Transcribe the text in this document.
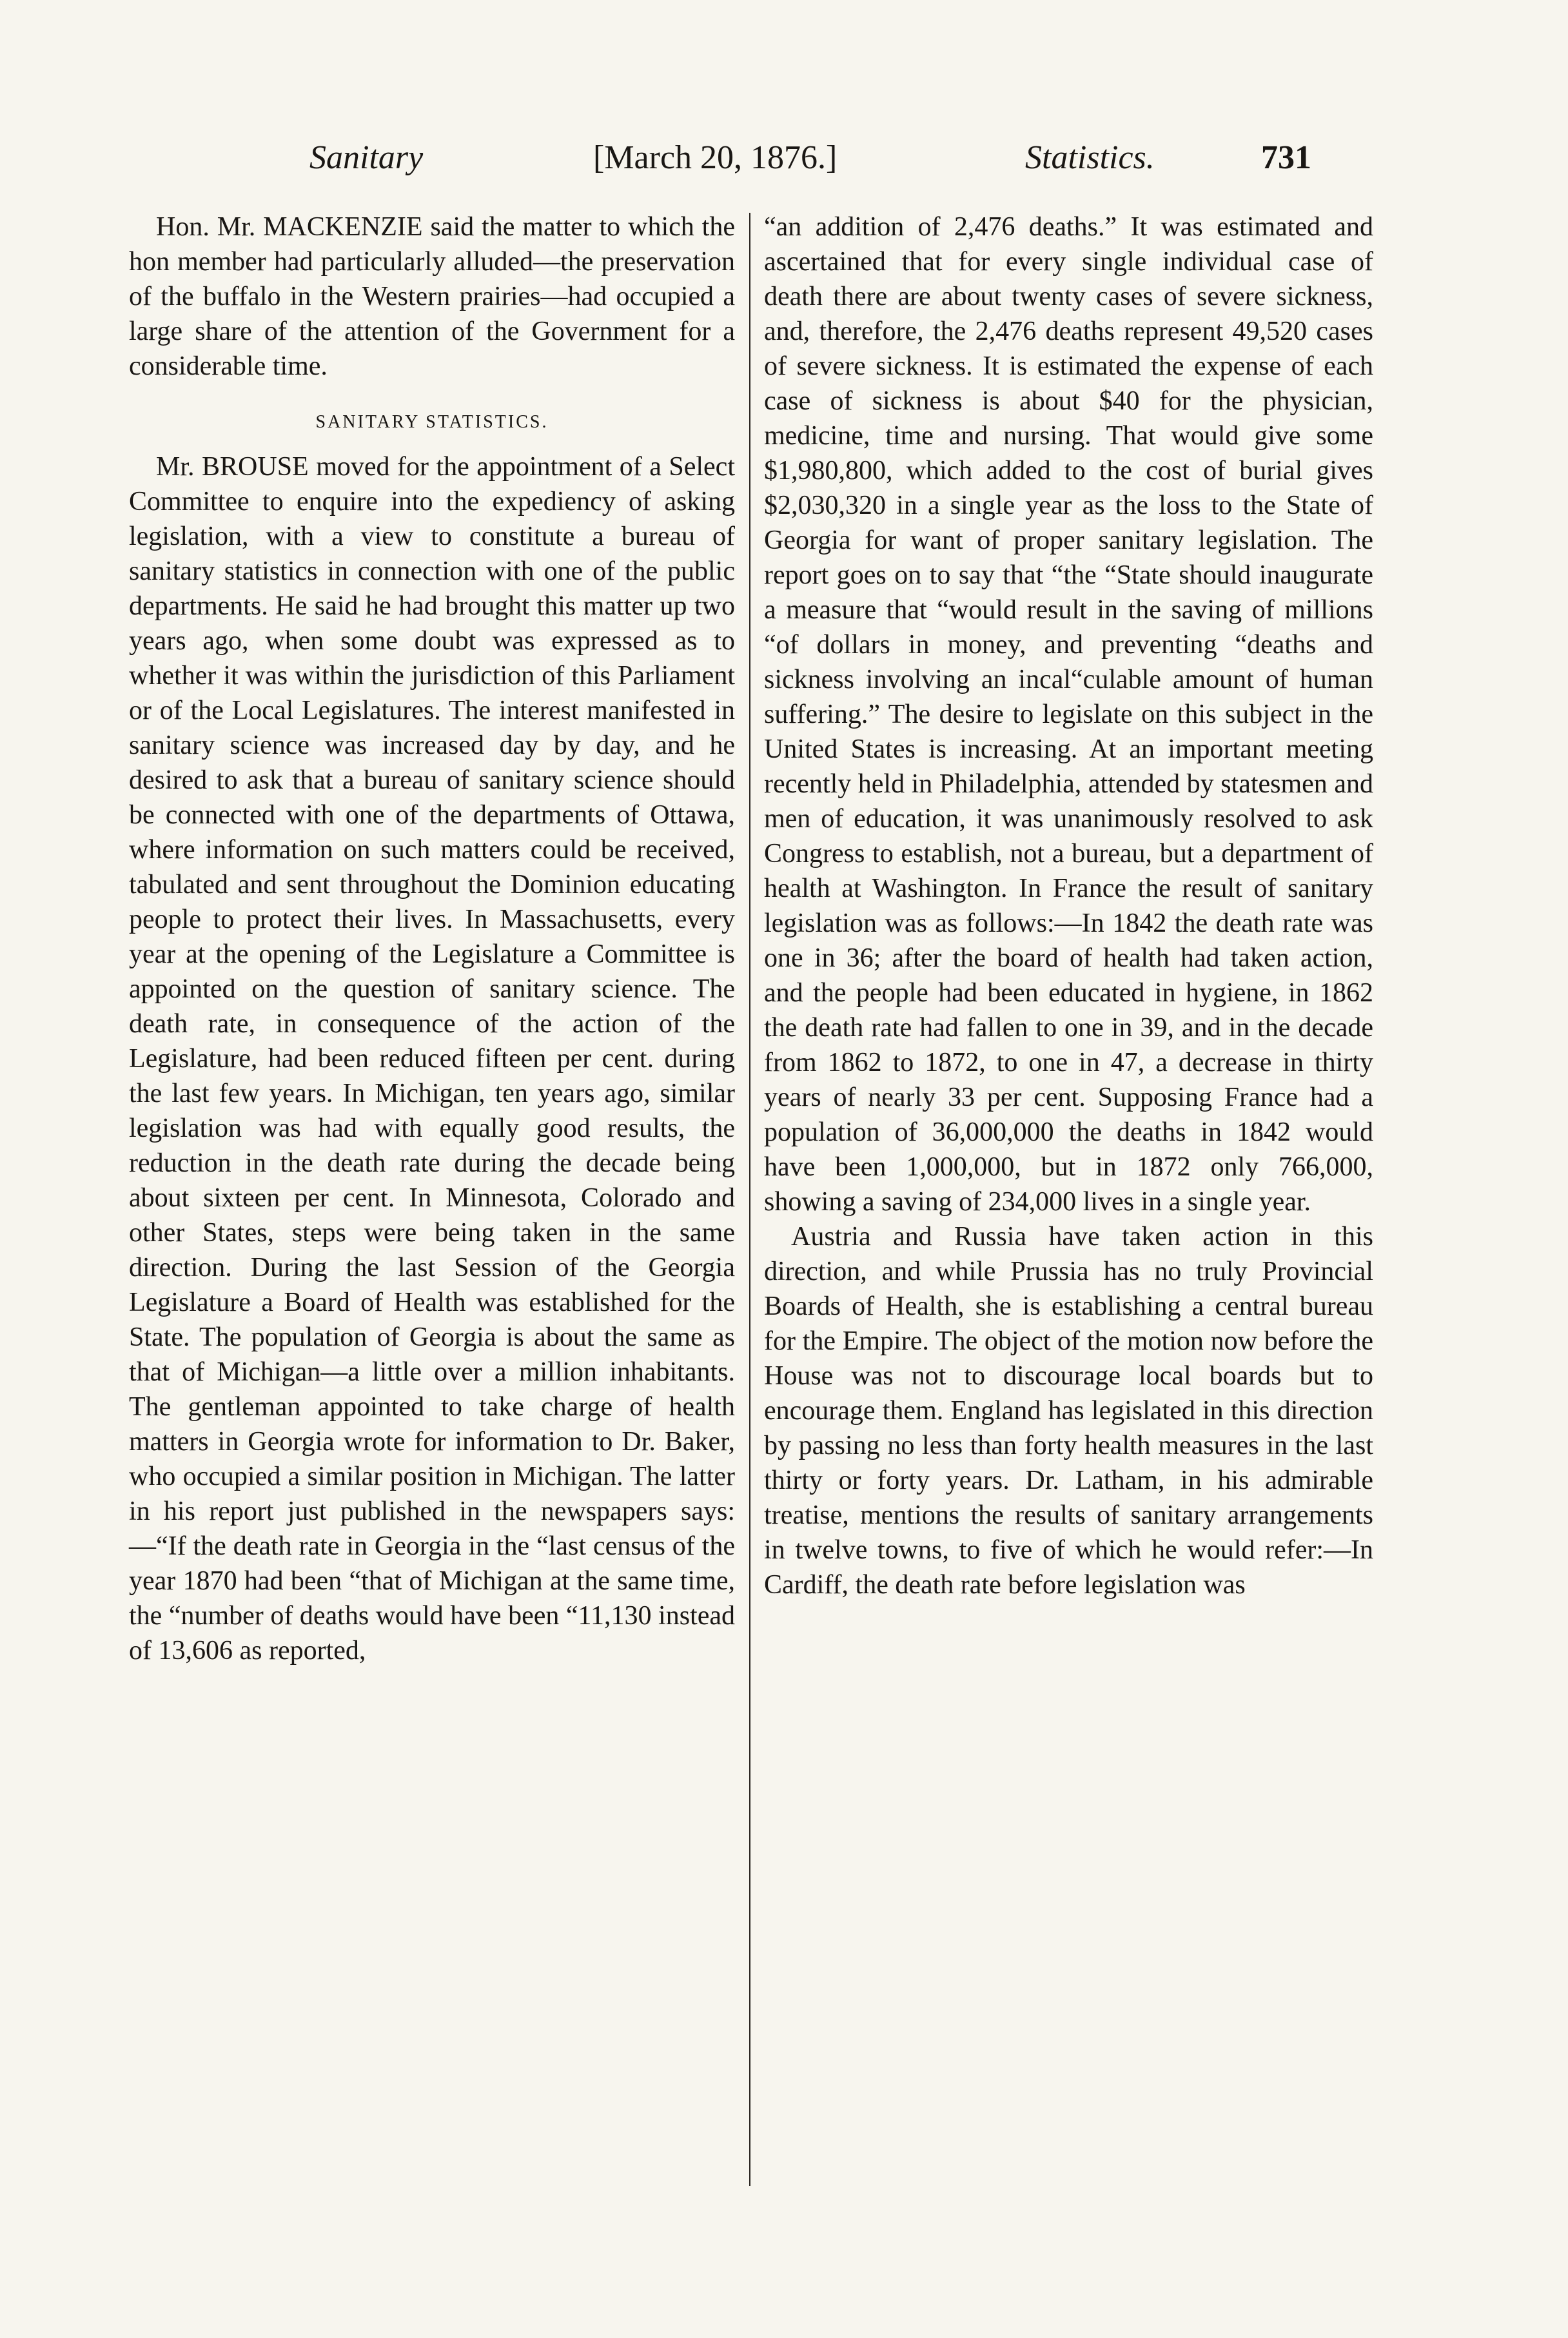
Sanitary	[March 20, 1876.]	Statistics.	731

Hon. Mr. MACKENZIE said the matter to which the hon member had particularly alluded—the preservation of the buffalo in the Western prairies—had occupied a large share of the attention of the Government for a considerable time.

SANITARY STATISTICS.

Mr. BROUSE moved for the appointment of a Select Committee to enquire into the expediency of asking legislation, with a view to constitute a bureau of sanitary statistics in connection with one of the public departments. He said he had brought this matter up two years ago, when some doubt was expressed as to whether it was within the jurisdiction of this Parliament or of the Local Legislatures. The interest manifested in sanitary science was increased day by day, and he desired to ask that a bureau of sanitary science should be connected with one of the departments of Ottawa, where information on such matters could be received, tabulated and sent throughout the Dominion educating people to protect their lives. In Massachusetts, every year at the opening of the Legislature a Committee is appointed on the question of sanitary science. The death rate, in consequence of the action of the Legislature, had been reduced fifteen per cent. during the last few years. In Michigan, ten years ago, similar legislation was had with equally good results, the reduction in the death rate during the decade being about sixteen per cent. In Minnesota, Colorado and other States, steps were being taken in the same direction. During the last Session of the Georgia Legislature a Board of Health was established for the State. The population of Georgia is about the same as that of Michigan—a little over a million inhabitants. The gentleman appointed to take charge of health matters in Georgia wrote for information to Dr. Baker, who occupied a similar position in Michigan. The latter in his report just published in the newspapers says:—“If the death rate in Georgia in the “last census of the year 1870 had been “that of Michigan at the same time, the “number of deaths would have been “11,130 instead of 13,606 as reported,

“an addition of 2,476 deaths.” It was estimated and ascertained that for every single individual case of death there are about twenty cases of severe sickness, and, therefore, the 2,476 deaths represent 49,520 cases of severe sickness. It is estimated the expense of each case of sickness is about $40 for the physician, medicine, time and nursing. That would give some $1,980,800, which added to the cost of burial gives $2,030,320 in a single year as the loss to the State of Georgia for want of proper sanitary legislation. The report goes on to say that “the “State should inaugurate a measure that “would result in the saving of millions “of dollars in money, and preventing “deaths and sickness involving an incal“culable amount of human suffering.” The desire to legislate on this subject in the United States is increasing. At an important meeting recently held in Philadelphia, attended by statesmen and men of education, it was unanimously resolved to ask Congress to establish, not a bureau, but a department of health at Washington. In France the result of sanitary legislation was as follows:—In 1842 the death rate was one in 36; after the board of health had taken action, and the people had been educated in hygiene, in 1862 the death rate had fallen to one in 39, and in the decade from 1862 to 1872, to one in 47, a decrease in thirty years of nearly 33 per cent. Supposing France had a population of 36,000,000 the deaths in 1842 would have been 1,000,000, but in 1872 only 766,000, showing a saving of 234,000 lives in a single year.

Austria and Russia have taken action in this direction, and while Prussia has no truly Provincial Boards of Health, she is establishing a central bureau for the Empire. The object of the motion now before the House was not to discourage local boards but to encourage them. England has legislated in this direction by passing no less than forty health measures in the last thirty or forty years. Dr. Latham, in his admirable treatise, mentions the results of sanitary arrangements in twelve towns, to five of which he would refer:—In Cardiff, the death rate before legislation was
